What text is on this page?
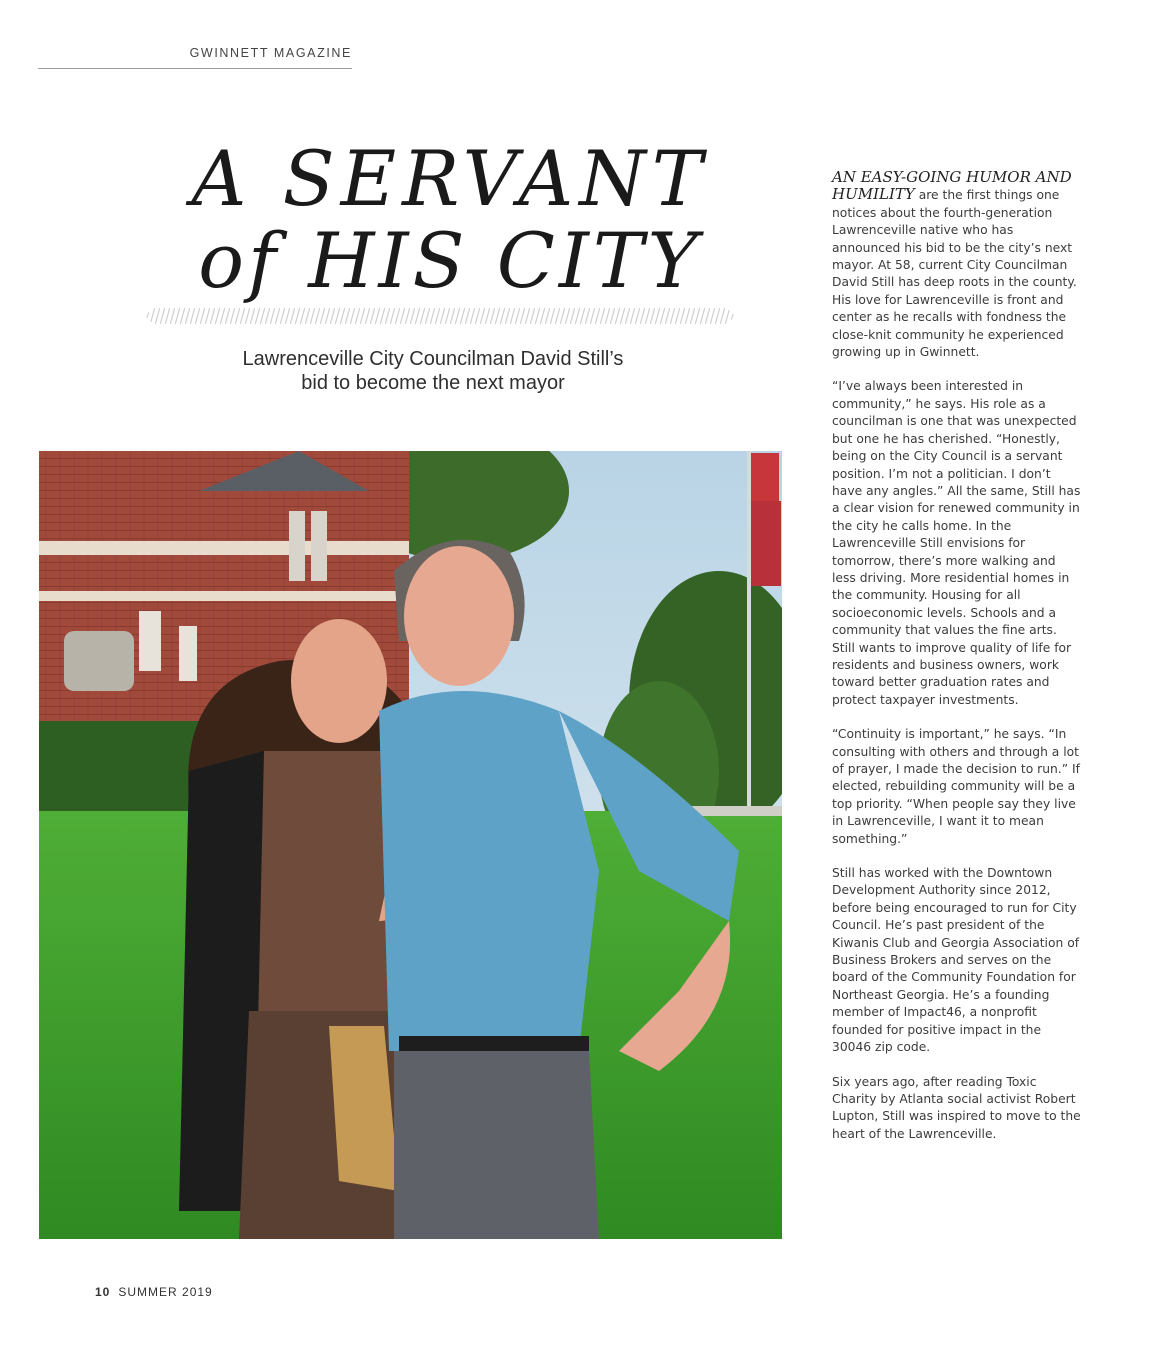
GWINNETT MAGAZINE
A SERVANT
of HIS CITY
Lawrenceville City Councilman David Still’s
bid to become the next mayor

AN EASY-GOING HUMOR AND HUMILITY are the first things one notices about the fourth-generation Lawrenceville native who has announced his bid to be the city’s next mayor. At 58, current City Councilman David Still has deep roots in the county. His love for Lawrenceville is front and center as he recalls with fondness the close-knit community he experienced growing up in Gwinnett.

“I’ve always been interested in community,” he says. His role as a councilman is one that was unexpected but one he has cherished. “Honestly, being on the City Council is a servant position. I’m not a politician. I don’t have any angles.” All the same, Still has a clear vision for renewed community in the city he calls home. In the Lawrenceville Still envisions for tomorrow, there’s more walking and less driving. More residential homes in the community. Housing for all socioeconomic levels. Schools and a community that values the fine arts. Still wants to improve quality of life for residents and business owners, work toward better graduation rates and protect taxpayer investments.

“Continuity is important,” he says. “In consulting with others and through a lot of prayer, I made the decision to run.” If elected, rebuilding community will be a top priority. “When people say they live in Lawrenceville, I want it to mean something.”

Still has worked with the Downtown Development Authority since 2012, before being encouraged to run for City Council. He’s past president of the Kiwanis Club and Georgia Association of Business Brokers and serves on the board of the Community Foundation for Northeast Georgia. He’s a founding member of Impact46, a nonprofit founded for positive impact in the 30046 zip code.

Six years ago, after reading Toxic Charity by Atlanta social activist Robert Lupton, Still was inspired to move to the heart of the Lawrenceville.

10 SUMMER 2019
